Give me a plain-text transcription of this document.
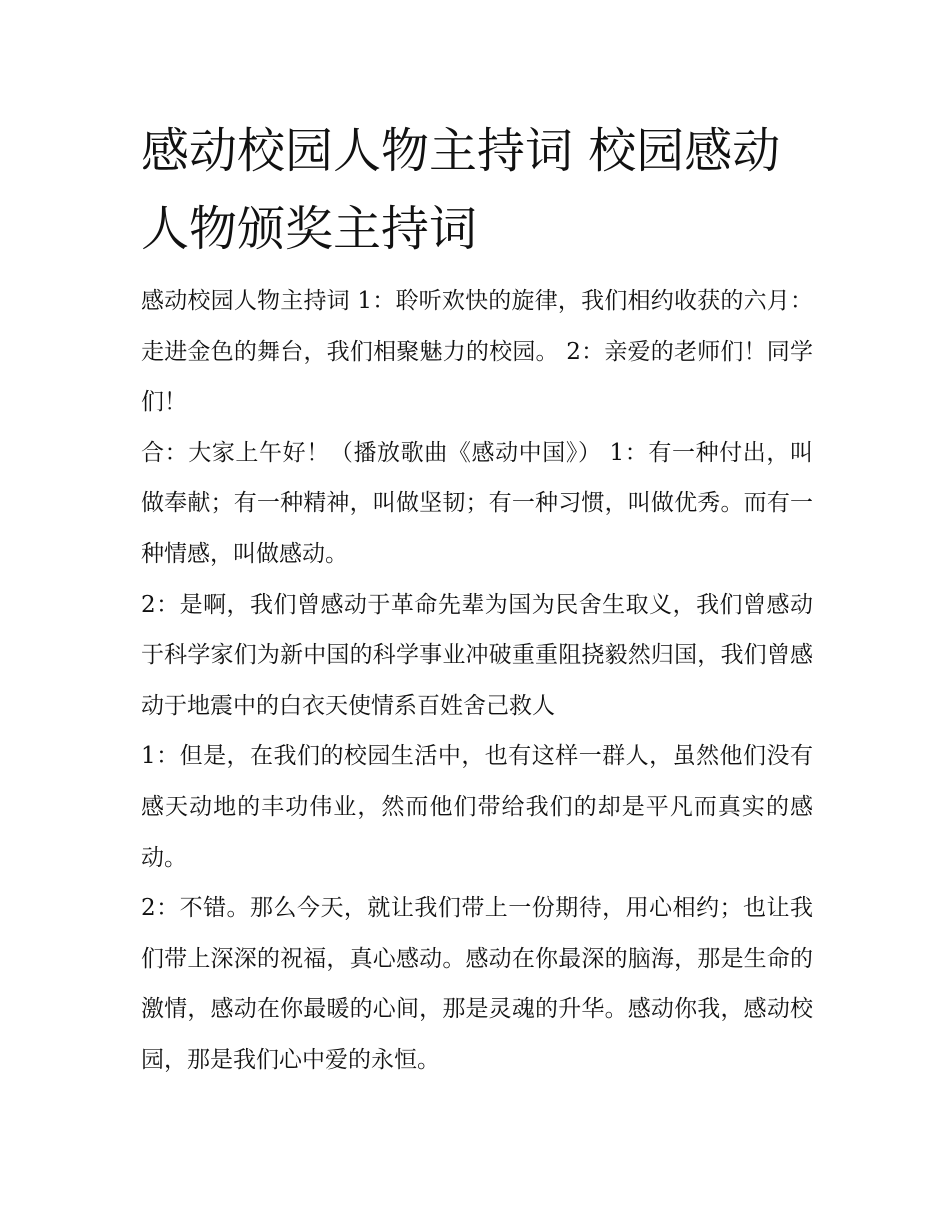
感动校园人物主持词 校园感动人物颁奖主持词

感动校园人物主持词 1：聆听欢快的旋律，我们相约收获的六月：走进金色的舞台，我们相聚魅力的校园。 2：亲爱的老师们！同学们！

合：大家上午好！（播放歌曲《感动中国》） 1：有一种付出，叫做奉献；有一种精神，叫做坚韧；有一种习惯，叫做优秀。而有一种情感，叫做感动。

2：是啊，我们曾感动于革命先辈为国为民舍生取义，我们曾感动于科学家们为新中国的科学事业冲破重重阻挠毅然归国，我们曾感动于地震中的白衣天使情系百姓舍己救人

1：但是，在我们的校园生活中，也有这样一群人，虽然他们没有感天动地的丰功伟业，然而他们带给我们的却是平凡而真实的感动。

2：不错。那么今天，就让我们带上一份期待，用心相约；也让我们带上深深的祝福，真心感动。感动在你最深的脑海，那是生命的激情，感动在你最暖的心间，那是灵魂的升华。感动你我，感动校园，那是我们心中爱的永恒。
